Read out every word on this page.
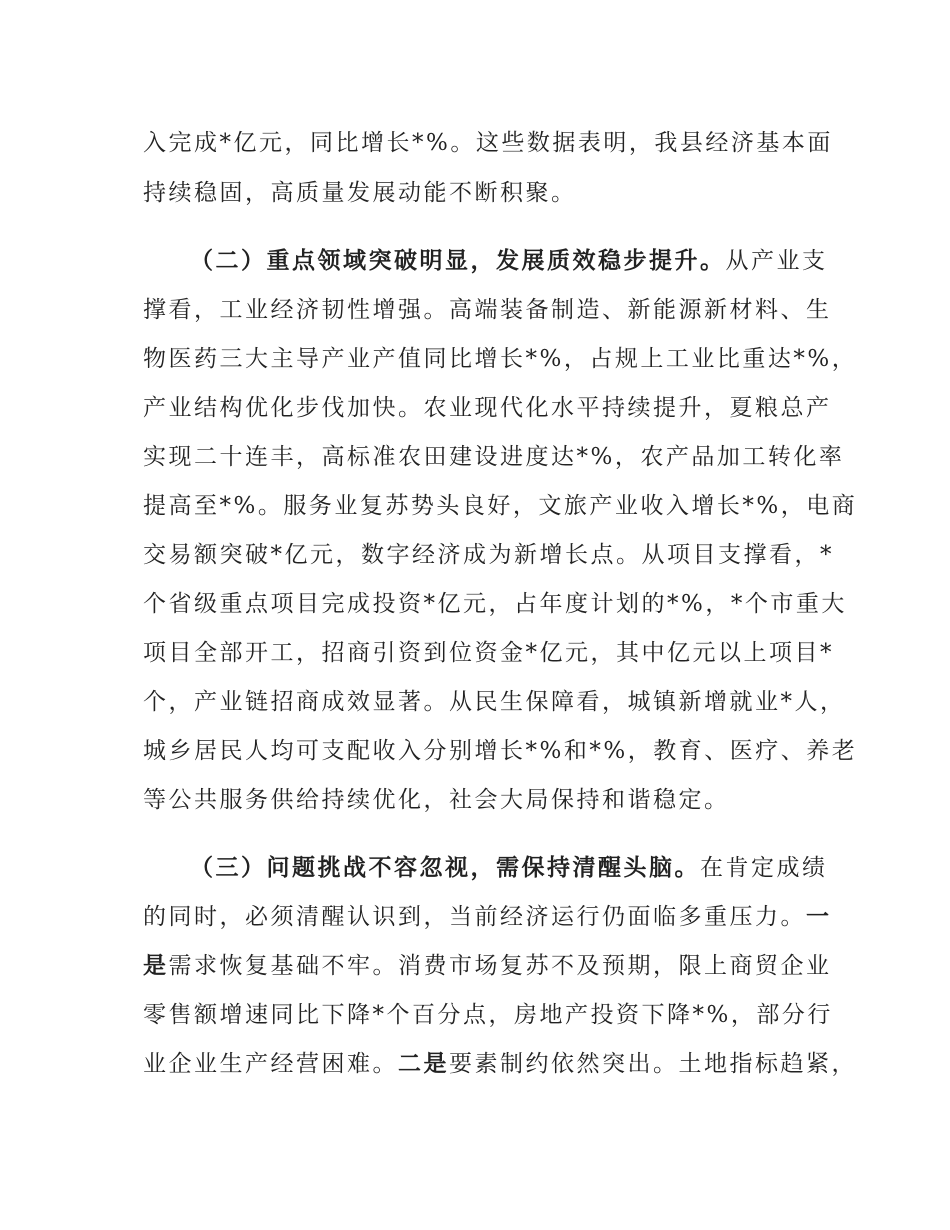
入完成*亿元，同比增长*%。这些数据表明，我县经济基本面
持续稳固，高质量发展动能不断积聚。
（二）重点领域突破明显，发展质效稳步提升。从产业支
撑看，工业经济韧性增强。高端装备制造、新能源新材料、生
物医药三大主导产业产值同比增长*%，占规上工业比重达*%，
产业结构优化步伐加快。农业现代化水平持续提升，夏粮总产
实现二十连丰，高标准农田建设进度达*%，农产品加工转化率
提高至*%。服务业复苏势头良好，文旅产业收入增长*%，电商
交易额突破*亿元，数字经济成为新增长点。从项目支撑看，*
个省级重点项目完成投资*亿元，占年度计划的*%，*个市重大
项目全部开工，招商引资到位资金*亿元，其中亿元以上项目*
个，产业链招商成效显著。从民生保障看，城镇新增就业*人，
城乡居民人均可支配收入分别增长*%和*%，教育、医疗、养老
等公共服务供给持续优化，社会大局保持和谐稳定。
（三）问题挑战不容忽视，需保持清醒头脑。在肯定成绩
的同时，必须清醒认识到，当前经济运行仍面临多重压力。一
是需求恢复基础不牢。消费市场复苏不及预期，限上商贸企业
零售额增速同比下降*个百分点，房地产投资下降*%，部分行
业企业生产经营困难。二是要素制约依然突出。土地指标趋紧，
